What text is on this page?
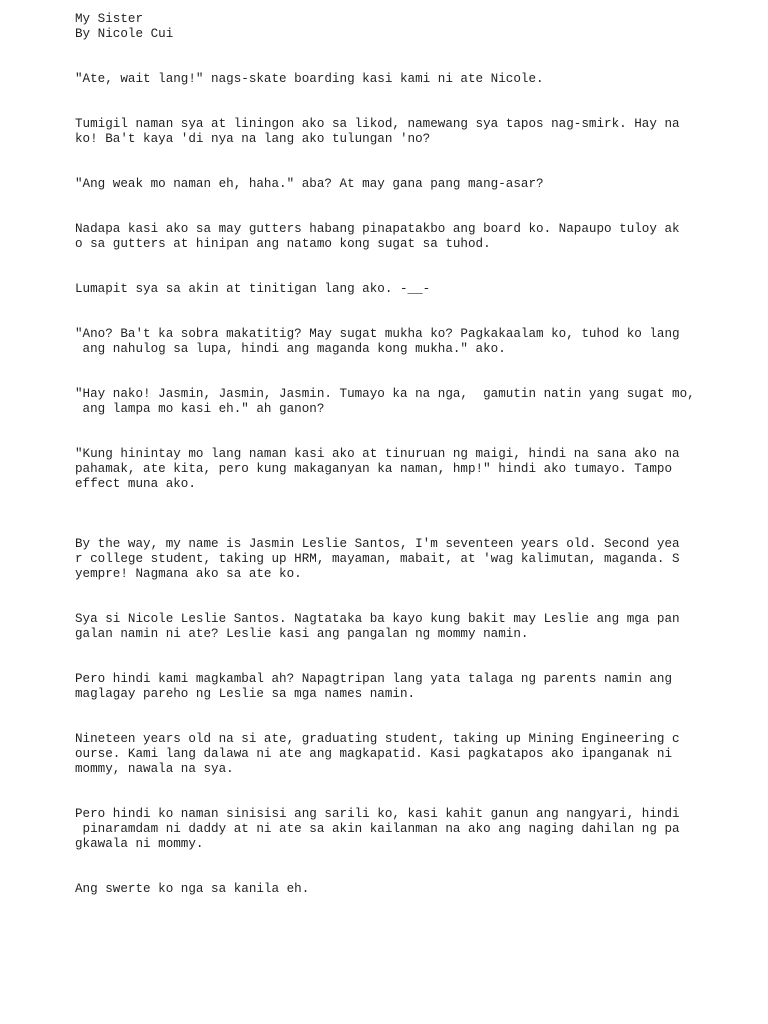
My Sister
By Nicole Cui
"Ate, wait lang!" nags-skate boarding kasi kami ni ate Nicole.
Tumigil naman sya at liningon ako sa likod, namewang sya tapos nag-smirk. Hay na
ko! Ba't kaya 'di nya na lang ako tulungan 'no?
"Ang weak mo naman eh, haha." aba? At may gana pang mang-asar?
Nadapa kasi ako sa may gutters habang pinapatakbo ang board ko. Napaupo tuloy ak
o sa gutters at hinipan ang natamo kong sugat sa tuhod.
Lumapit sya sa akin at tinitigan lang ako. -__-
"Ano? Ba't ka sobra makatitig? May sugat mukha ko? Pagkakaalam ko, tuhod ko lang
ang nahulog sa lupa, hindi ang maganda kong mukha." ako.
"Hay nako! Jasmin, Jasmin, Jasmin. Tumayo ka na nga,  gamutin natin yang sugat mo,
ang lampa mo kasi eh." ah ganon?
"Kung hinintay mo lang naman kasi ako at tinuruan ng maigi, hindi na sana ako na
pahamak, ate kita, pero kung makaganyan ka naman, hmp!" hindi ako tumayo. Tampo
effect muna ako.
By the way, my name is Jasmin Leslie Santos, I'm seventeen years old. Second yea
r college student, taking up HRM, mayaman, mabait, at 'wag kalimutan, maganda. S
yempre! Nagmana ako sa ate ko.
Sya si Nicole Leslie Santos. Nagtataka ba kayo kung bakit may Leslie ang mga pan
galan namin ni ate? Leslie kasi ang pangalan ng mommy namin.
Pero hindi kami magkambal ah? Napagtripan lang yata talaga ng parents namin ang
maglagay pareho ng Leslie sa mga names namin.
Nineteen years old na si ate, graduating student, taking up Mining Engineering c
ourse. Kami lang dalawa ni ate ang magkapatid. Kasi pagkatapos ako ipanganak ni
mommy, nawala na sya.
Pero hindi ko naman sinisisi ang sarili ko, kasi kahit ganun ang nangyari, hindi
pinaramdam ni daddy at ni ate sa akin kailanman na ako ang naging dahilan ng pa
gkawala ni mommy.
Ang swerte ko nga sa kanila eh.
